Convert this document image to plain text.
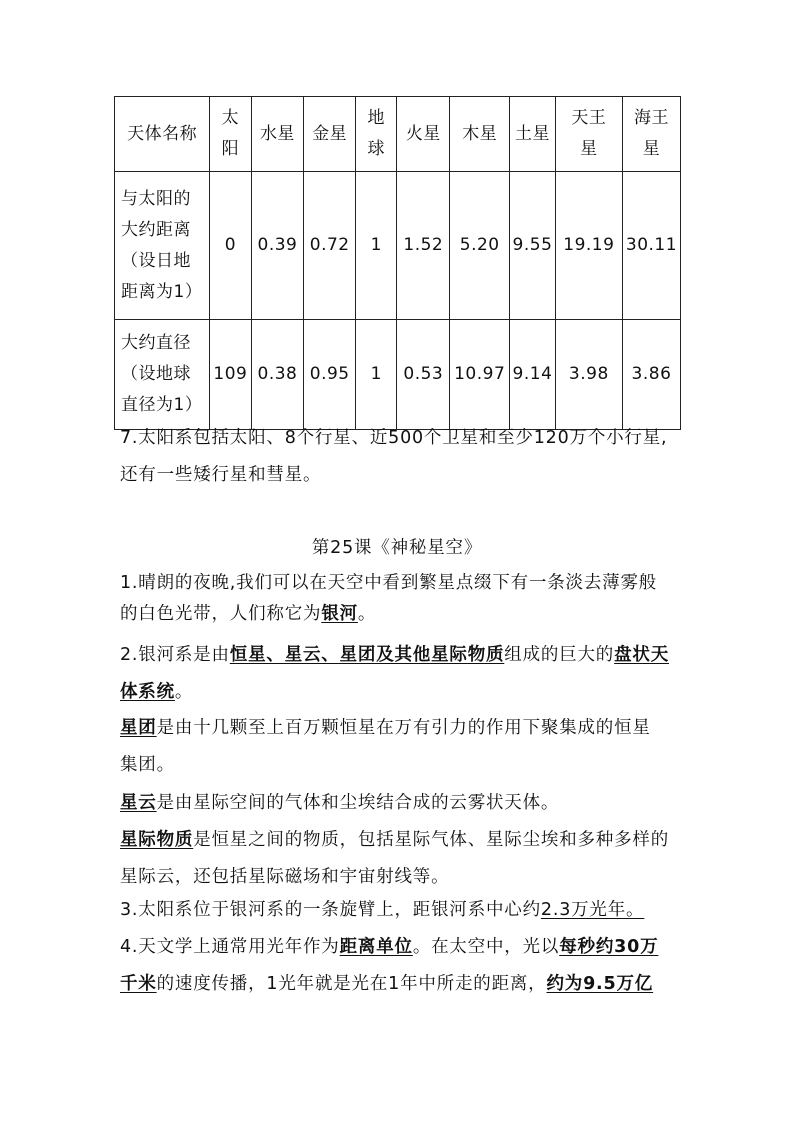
天体名称	太阳	水星	金星	地球	火星	木星	土星	天王星	海王星

与太阳的
大约距离
（设日地
距离为1）	0	0.39	0.72	1	1.52	5.20	9.55	19.19	30.11

大约直径
（设地球
直径为1）	109	0.38	0.95	1	0.53	10.97	9.14	3.98	3.86
7.太阳系包括太阳、8个行星、近500个卫星和至少120万个小行星,
还有一些矮行星和彗星。
第25课《神秘星空》
1.晴朗的夜晚,我们可以在天空中看到繁星点缀下有一条淡去薄雾般
的白色光带，人们称它为银河。
2.银河系是由恒星、星云、星团及其他星际物质组成的巨大的盘状天
体系统。
星团是由十几颗至上百万颗恒星在万有引力的作用下聚集成的恒星
集团。
星云是由星际空间的气体和尘埃结合成的云雾状天体。
星际物质是恒星之间的物质，包括星际气体、星际尘埃和多种多样的
星际云，还包括星际磁场和宇宙射线等。
3.太阳系位于银河系的一条旋臂上，距银河系中心约2.3万光年。
4.天文学上通常用光年作为距离单位。在太空中，光以每秒约30万
千米的速度传播，1光年就是光在1年中所走的距离，约为9.5万亿
